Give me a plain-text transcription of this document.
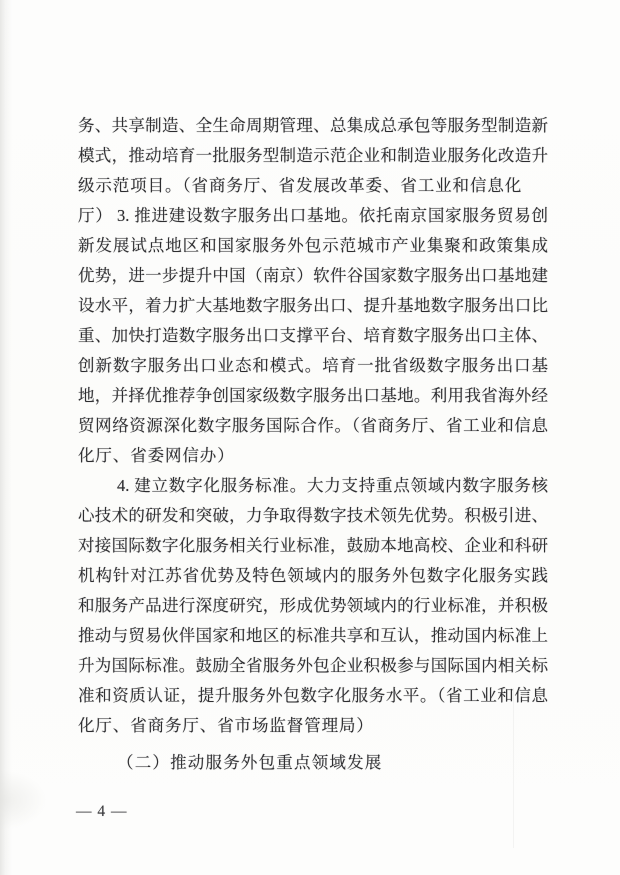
务、共享制造、全生命周期管理、总集成总承包等服务型制造新
模式，推动培育一批服务型制造示范企业和制造业服务化改造升
级示范项目。（省商务厅、省发展改革委、省工业和信息化厅） 3. 推进建设数字服务出口基地。依托南京国家服务贸易创
新发展试点地区和国家服务外包示范城市产业集聚和政策集成
优势，进一步提升中国（南京）软件谷国家数字服务出口基地建
设水平，着力扩大基地数字服务出口、提升基地数字服务出口比
重、加快打造数字服务出口支撑平台、培育数字服务出口主体、
创新数字服务出口业态和模式。培育一批省级数字服务出口基
地，并择优推荐争创国家级数字服务出口基地。利用我省海外经
贸网络资源深化数字服务国际合作。（省商务厅、省工业和信息
化厅、省委网信办）
4. 建立数字化服务标准。大力支持重点领域内数字服务核
心技术的研发和突破，力争取得数字技术领先优势。积极引进、
对接国际数字化服务相关行业标准，鼓励本地高校、企业和科研
机构针对江苏省优势及特色领域内的服务外包数字化服务实践
和服务产品进行深度研究，形成优势领域内的行业标准，并积极
推动与贸易伙伴国家和地区的标准共享和互认，推动国内标准上
升为国际标准。鼓励全省服务外包企业积极参与国际国内相关标
准和资质认证，提升服务外包数字化服务水平。（省工业和信息
化厅、省商务厅、省市场监督管理局）
（二）推动服务外包重点领域发展
— 4 —
